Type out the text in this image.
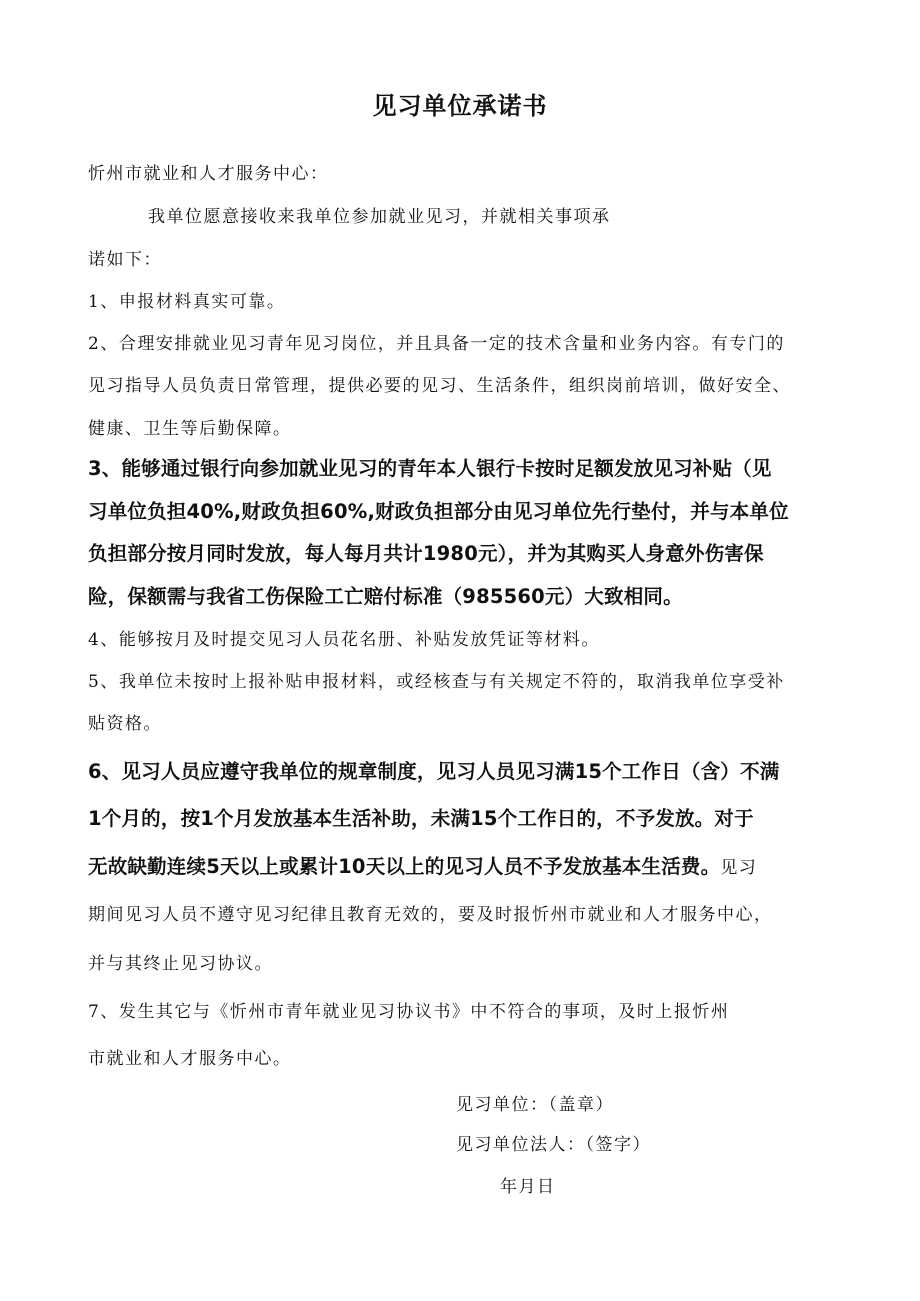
见习单位承诺书
忻州市就业和人才服务中心：
我单位愿意接收来我单位参加就业见习，并就相关事项承
诺如下：
1、申报材料真实可靠。
2、合理安排就业见习青年见习岗位，并且具备一定的技术含量和业务内容。有专门的
见习指导人员负责日常管理，提供必要的见习、生活条件，组织岗前培训，做好安全、
健康、卫生等后勤保障。
3、能够通过银行向参加就业见习的青年本人银行卡按时足额发放见习补贴（见
习单位负担40%,财政负担60%,财政负担部分由见习单位先行垫付，并与本单位
负担部分按月同时发放，每人每月共计1980元），并为其购买人身意外伤害保
险，保额需与我省工伤保险工亡赔付标准（985560元）大致相同。
4、能够按月及时提交见习人员花名册、补贴发放凭证等材料。
5、我单位未按时上报补贴申报材料，或经核查与有关规定不符的，取消我单位享受补
贴资格。
6、见习人员应遵守我单位的规章制度，见习人员见习满15个工作日（含）不满
1个月的，按1个月发放基本生活补助，未满15个工作日的，不予发放。对于
无故缺勤连续5天以上或累计10天以上的见习人员不予发放基本生活费。见习
期间见习人员不遵守见习纪律且教育无效的，要及时报忻州市就业和人才服务中心，
并与其终止见习协议。
7、发生其它与《忻州市青年就业见习协议书》中不符合的事项，及时上报忻州
市就业和人才服务中心。
见习单位：（盖章）
见习单位法人：（签字）
年月日
